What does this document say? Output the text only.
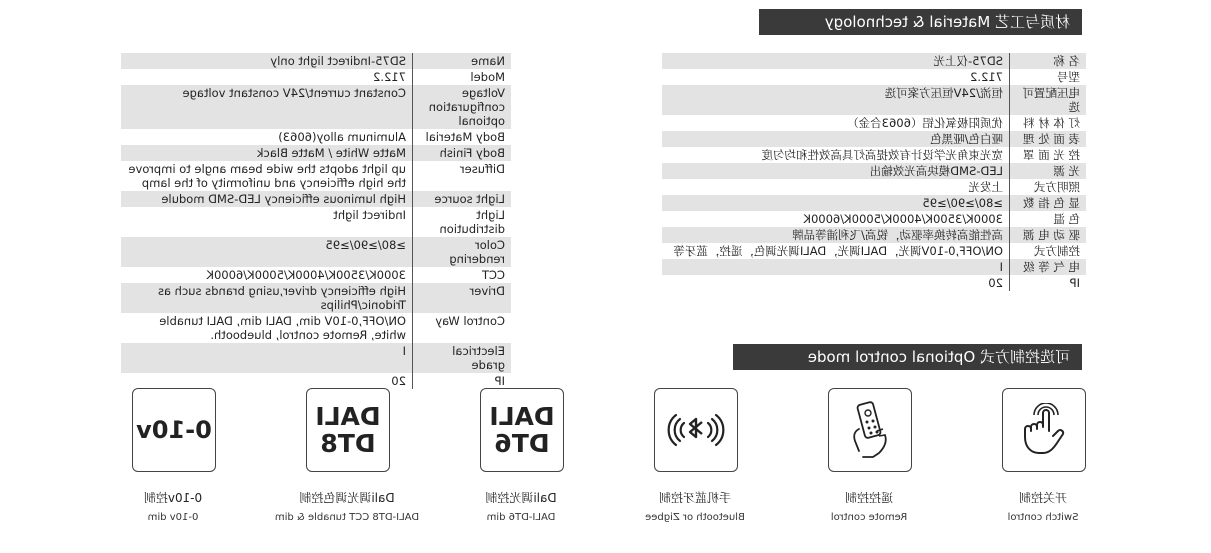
材质与工艺 Material & technology
名 称	SD75-仅上光
型号	712.2
电压配置可选	恒流/24V恒压方案可选
灯 体 材 料	优质阳极氧化铝（6063合金）
表 面 处 理	哑白色/哑黑色
控 光 面 罩	宽光束角光学设计有效提高灯具高效性和均匀度
光 源	LED-SMD模块高光效输出
照明方式	上发光
显 色 指 数	≥80/≥90/≥95
色 温	3000K/3500K/4000K/5000K/6000K
驱 动 电 源	高性能高转换率驱动，锐高/飞利浦等品牌
控制方式	ON/OFF,0-10V调光，DALI调光，DALI调光调色，遥控，蓝牙等
电 气 等 级	I
IP	20
Name	SD75-Indirect light only
Model	712.2
Voltage configuration optional	Constant current/24V constant voltage
Body Material	Aluminum alloy(6063)
Body Finish	Matte White / Matte Black
Diffuser	up light adopts the wide beam angle to improve the high efficiency and uniformity of the lamp
Light source	High luminous efficiency LED-SMD module
Light distribution	Indirect light
Color rendering	≥80/≥90/≥95
CCT	3000K/3500K/4000K/5000K/6000K
Driver	High efficiency driver,using brands such as Tridonic/Philips
Control Way	ON/OFF,0-10V dim, DALI dim, DALI tunable white, Remote control, bluebooth.
Electrical grade	I
IP	20
可选控制方式 Optional control mode
开关控制
Switch control
遥控控制
Remote control
手机蓝牙控制
Bluetooth or Zigbee
DALI
DT6
Dali调光控制
DALI-DT6 dim
DALI
DT8
Dali调光调色控制
DALI-DT8 CCT tunable & dim
0-10v
0-10v控制
0-10v dim
